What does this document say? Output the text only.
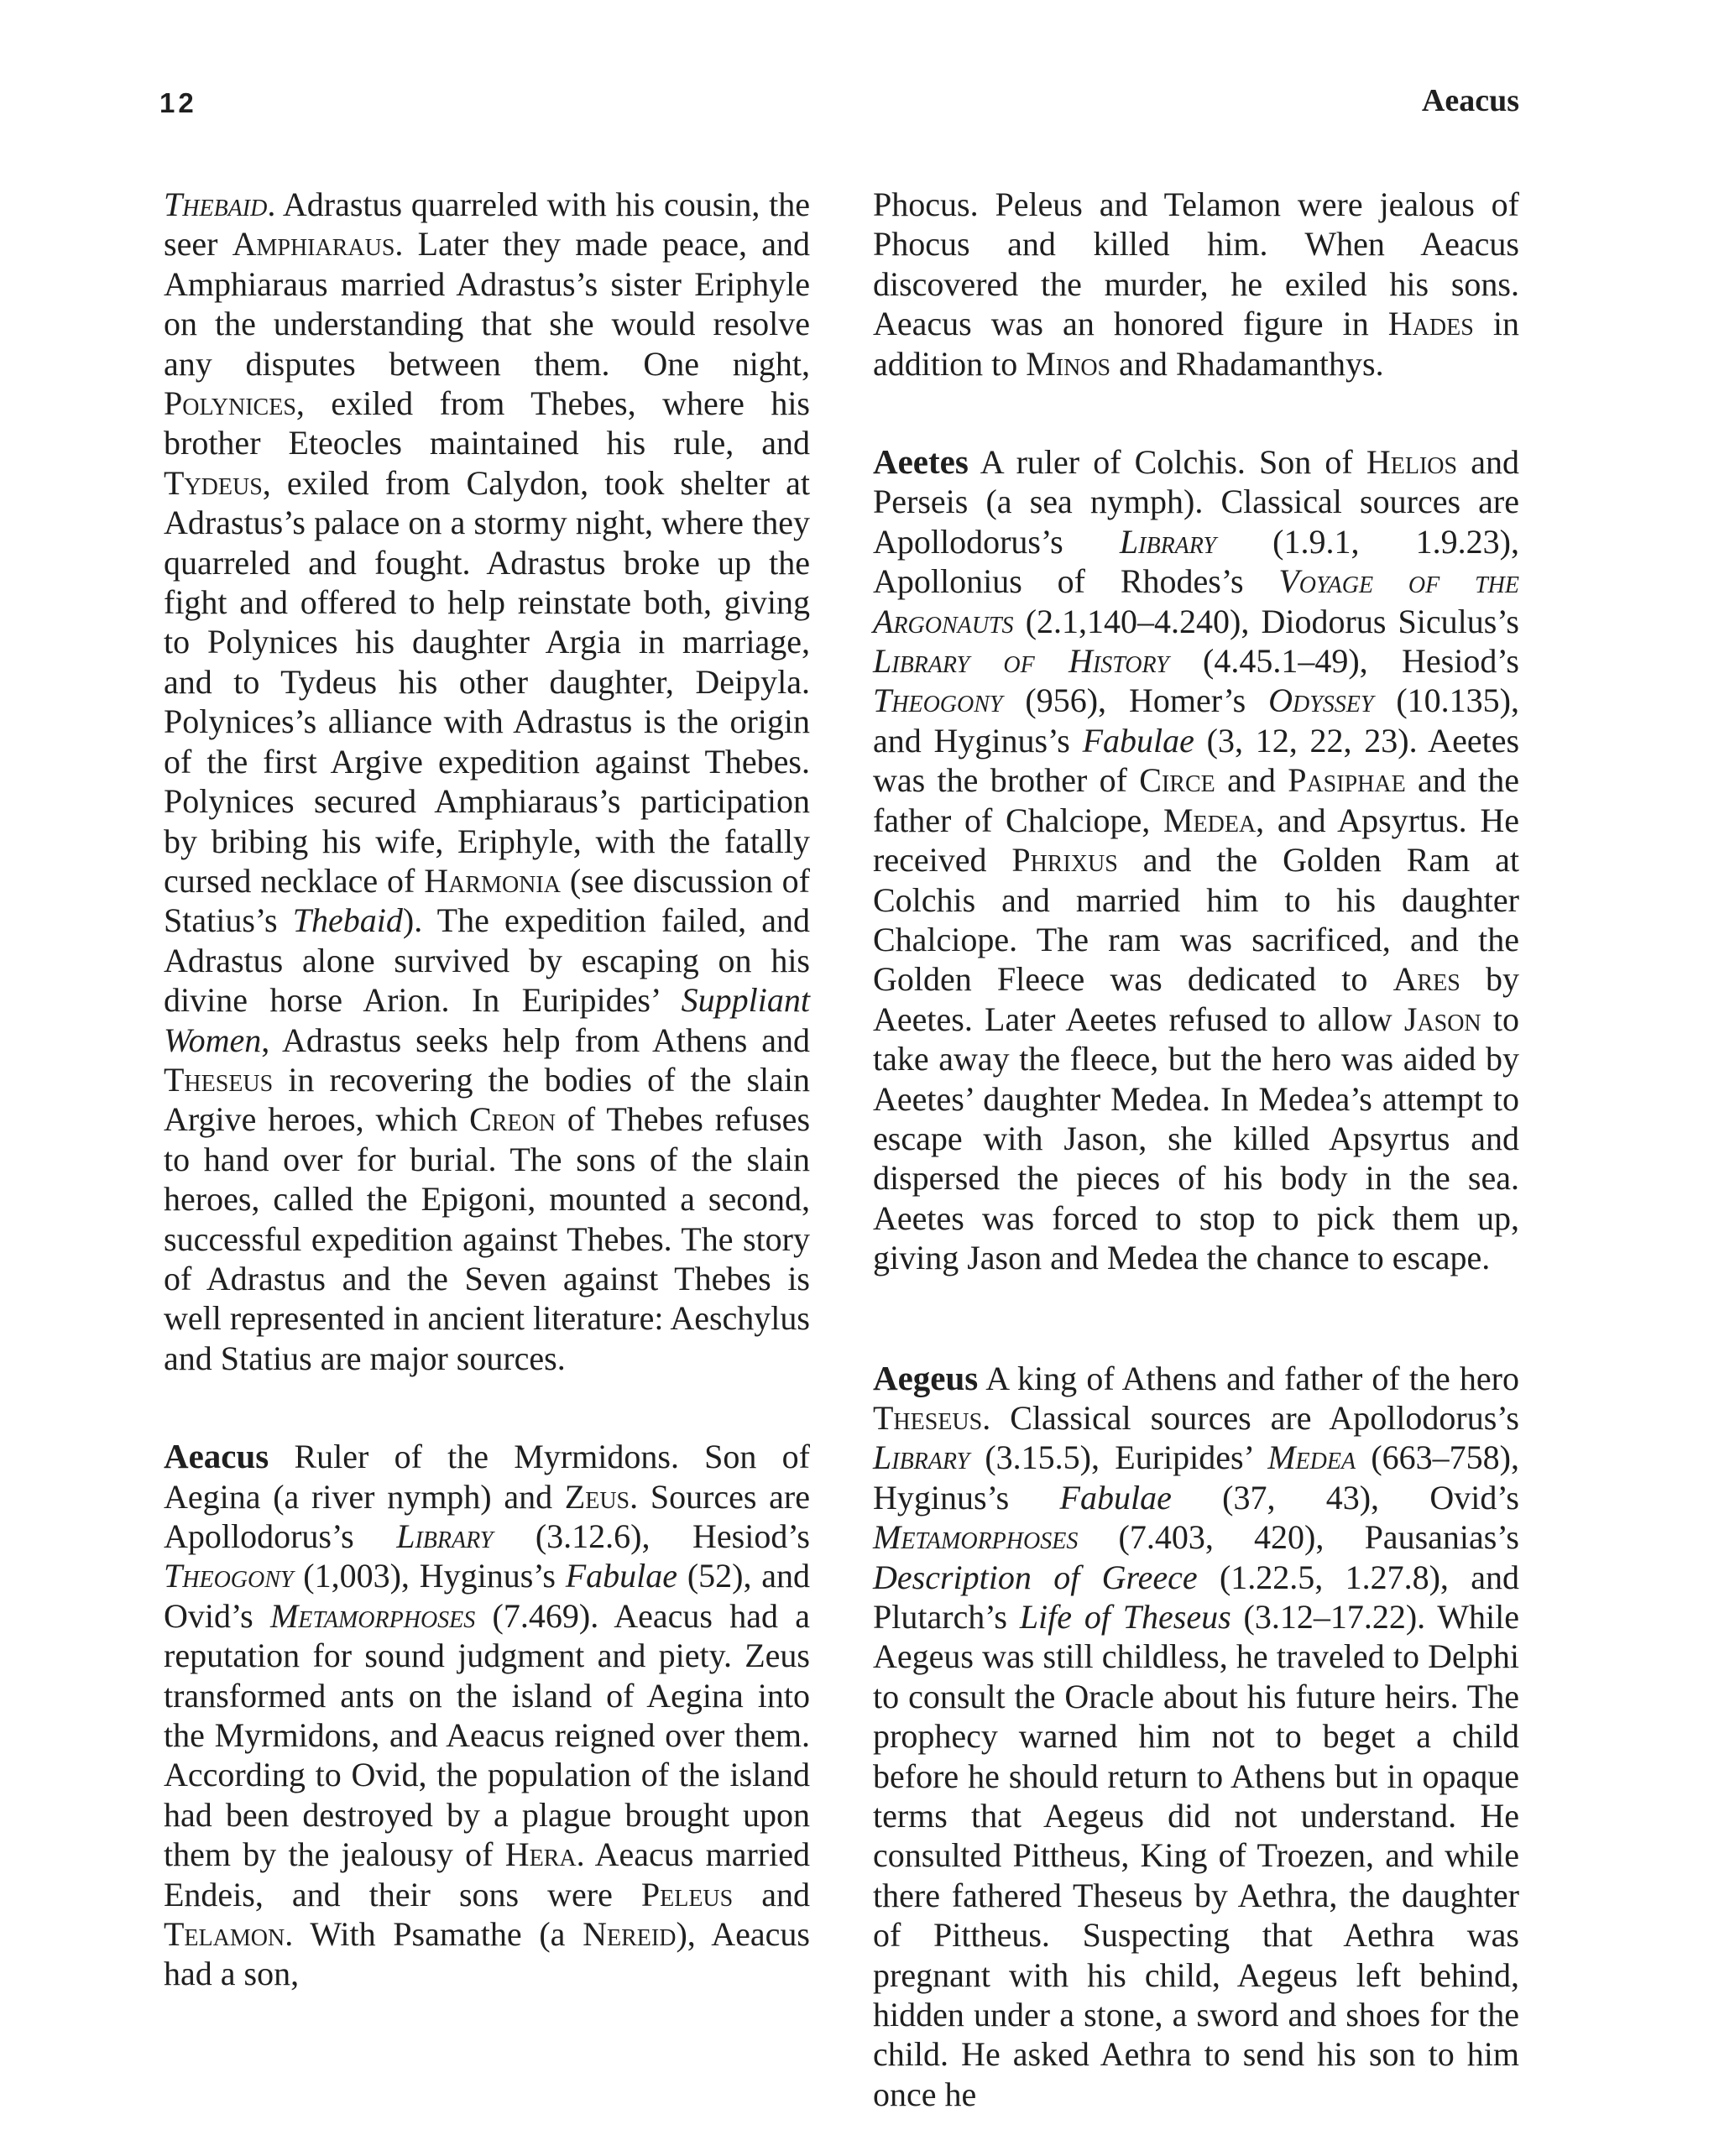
12	Aeacus

Thebaid. Adrastus quarreled with his cousin, the seer Amphiaraus. Later they made peace, and Amphiaraus married Adrastus’s sister Eriphyle on the understanding that she would resolve any disputes between them. One night, Polynices, exiled from Thebes, where his brother Eteocles maintained his rule, and Tydeus, exiled from Calydon, took shelter at Adrastus’s palace on a stormy night, where they quarreled and fought. Adrastus broke up the fight and offered to help reinstate both, giving to Polynices his daughter Argia in marriage, and to Tydeus his other daughter, Deipyla. Polynices’s alliance with Adrastus is the origin of the first Argive expedition against Thebes. Polynices secured Amphiaraus’s participation by bribing his wife, Eriphyle, with the fatally cursed necklace of Harmonia (see discussion of Statius’s Thebaid). The expedition failed, and Adrastus alone survived by escaping on his divine horse Arion. In Euripides’ Suppliant Women, Adrastus seeks help from Athens and Theseus in recovering the bodies of the slain Argive heroes, which Creon of Thebes refuses to hand over for burial. The sons of the slain heroes, called the Epigoni, mounted a second, successful expedition against Thebes. The story of Adrastus and the Seven against Thebes is well represented in ancient literature: Aeschylus and Statius are major sources.

Aeacus Ruler of the Myrmidons. Son of Aegina (a river nymph) and Zeus. Sources are Apollodorus’s Library (3.12.6), Hesiod’s Theogony (1,003), Hyginus’s Fabulae (52), and Ovid’s Metamorphoses (7.469). Aeacus had a reputation for sound judgment and piety. Zeus transformed ants on the island of Aegina into the Myrmidons, and Aeacus reigned over them. According to Ovid, the population of the island had been destroyed by a plague brought upon them by the jealousy of Hera. Aeacus married Endeis, and their sons were Peleus and Telamon. With Psamathe (a Nereid), Aeacus had a son,

Phocus. Peleus and Telamon were jealous of Phocus and killed him. When Aeacus discovered the murder, he exiled his sons. Aeacus was an honored figure in Hades in addition to Minos and Rhadamanthys.

Aeetes A ruler of Colchis. Son of Helios and Perseis (a sea nymph). Classical sources are Apollodorus’s Library (1.9.1, 1.9.23), Apollonius of Rhodes’s Voyage of the Argonauts (2.1,140–4.240), Diodorus Siculus’s Library of History (4.45.1–49), Hesiod’s Theogony (956), Homer’s Odyssey (10.135), and Hyginus’s Fabulae (3, 12, 22, 23). Aeetes was the brother of Circe and Pasiphae and the father of Chalciope, Medea, and Apsyrtus. He received Phrixus and the Golden Ram at Colchis and married him to his daughter Chalciope. The ram was sacrificed, and the Golden Fleece was dedicated to Ares by Aeetes. Later Aeetes refused to allow Jason to take away the fleece, but the hero was aided by Aeetes’ daughter Medea. In Medea’s attempt to escape with Jason, she killed Apsyrtus and dispersed the pieces of his body in the sea. Aeetes was forced to stop to pick them up, giving Jason and Medea the chance to escape.

Aegeus A king of Athens and father of the hero Theseus. Classical sources are Apollodorus’s Library (3.15.5), Euripides’ Medea (663–758), Hyginus’s Fabulae (37, 43), Ovid’s Metamorphoses (7.403, 420), Pausanias’s Description of Greece (1.22.5, 1.27.8), and Plutarch’s Life of Theseus (3.12–17.22). While Aegeus was still childless, he traveled to Delphi to consult the Oracle about his future heirs. The prophecy warned him not to beget a child before he should return to Athens but in opaque terms that Aegeus did not understand. He consulted Pittheus, King of Troezen, and while there fathered Theseus by Aethra, the daughter of Pittheus. Suspecting that Aethra was pregnant with his child, Aegeus left behind, hidden under a stone, a sword and shoes for the child. He asked Aethra to send his son to him once he
